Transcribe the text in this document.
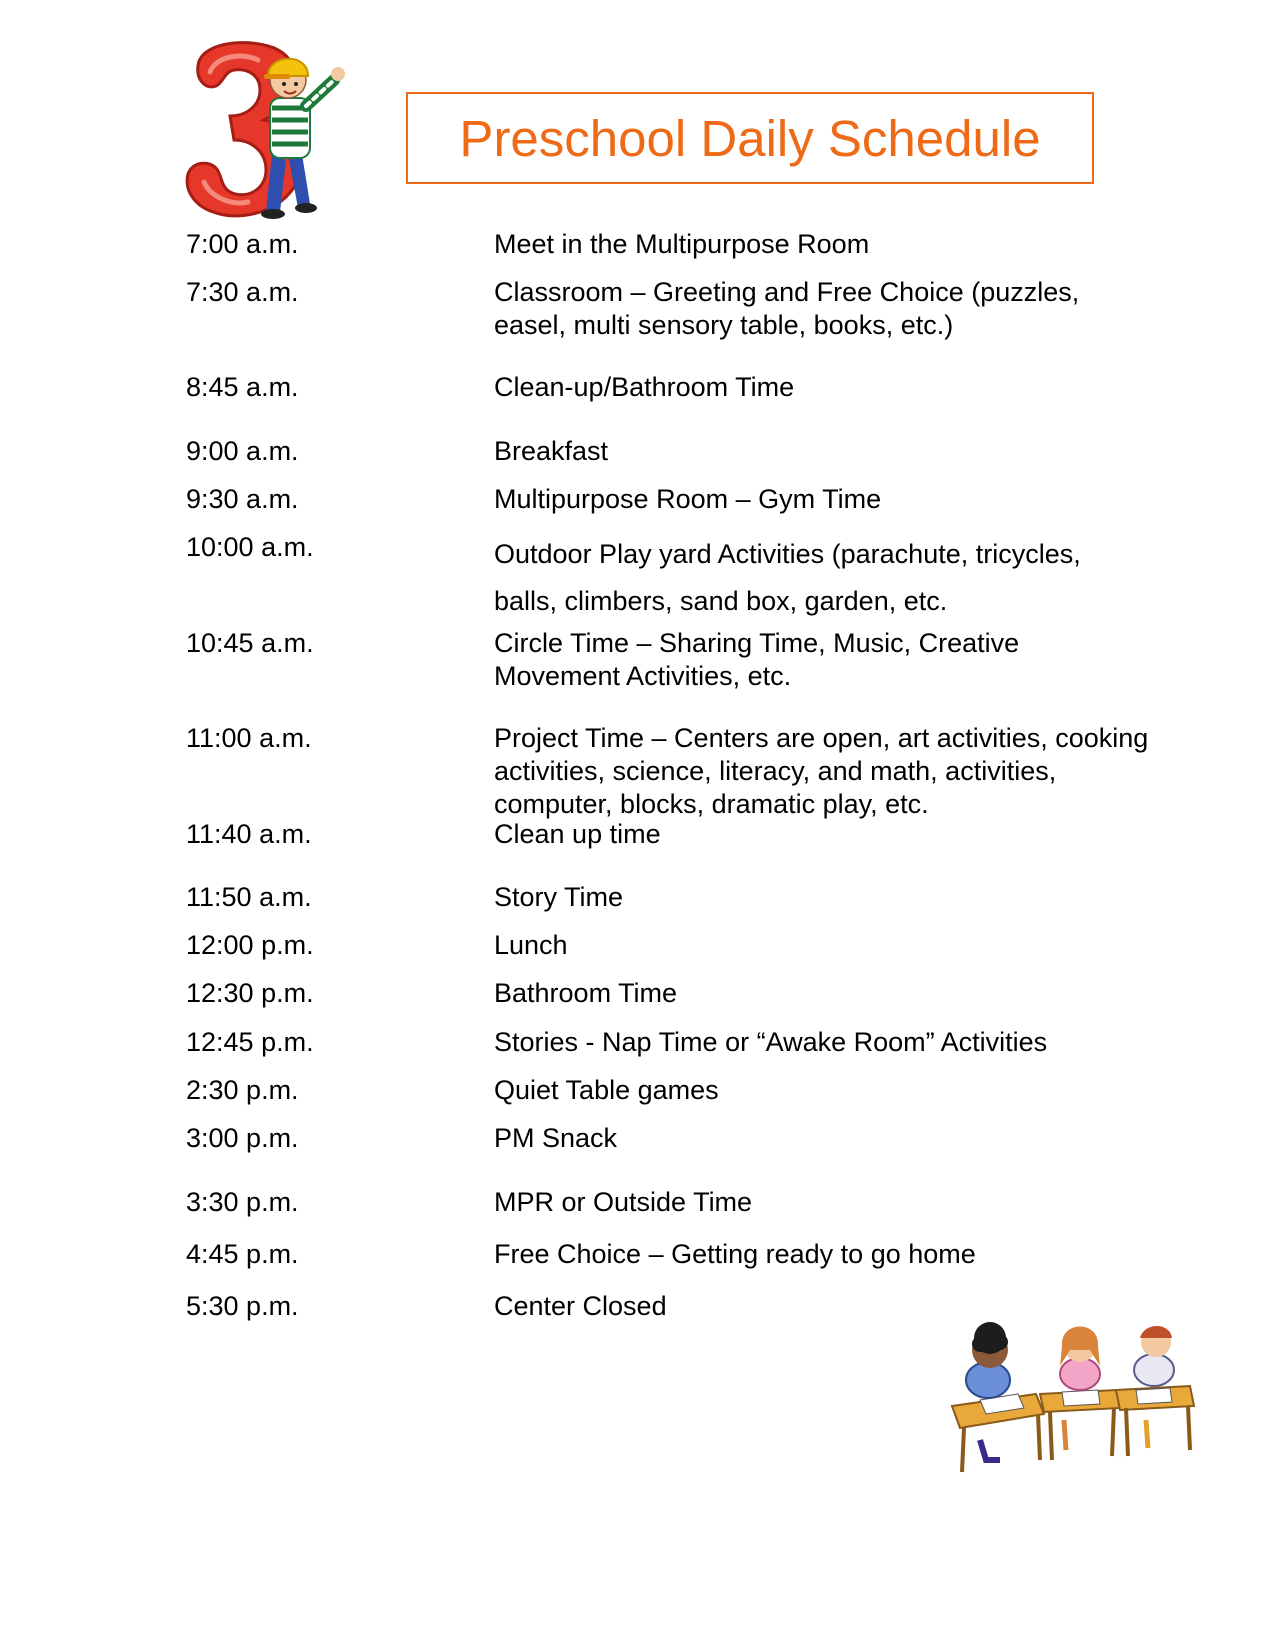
Preschool Daily Schedule
7:00 a.m.	Meet in the Multipurpose Room
7:30 a.m.	Classroom – Greeting and Free Choice (puzzles,
easel, multi sensory table, books, etc.)
8:45 a.m.	Clean-up/Bathroom Time
9:00 a.m.	Breakfast
9:30 a.m.	Multipurpose Room – Gym Time
10:00 a.m.	Outdoor Play yard Activities (parachute, tricycles,
balls, climbers, sand box, garden, etc.
10:45 a.m.	Circle Time – Sharing Time, Music, Creative
Movement Activities, etc.
11:00 a.m.	Project Time – Centers are open, art activities, cooking
activities, science, literacy, and math, activities,
computer, blocks, dramatic play, etc.
11:40 a.m.	Clean up time
11:50 a.m.	Story Time
12:00 p.m.	Lunch
12:30 p.m.	Bathroom Time
12:45 p.m.	Stories - Nap Time or “Awake Room” Activities
2:30 p.m.	Quiet Table games
3:00 p.m.	PM Snack
3:30 p.m.	MPR or Outside Time
4:45 p.m.	Free Choice – Getting ready to go home
5:30 p.m.	Center Closed
